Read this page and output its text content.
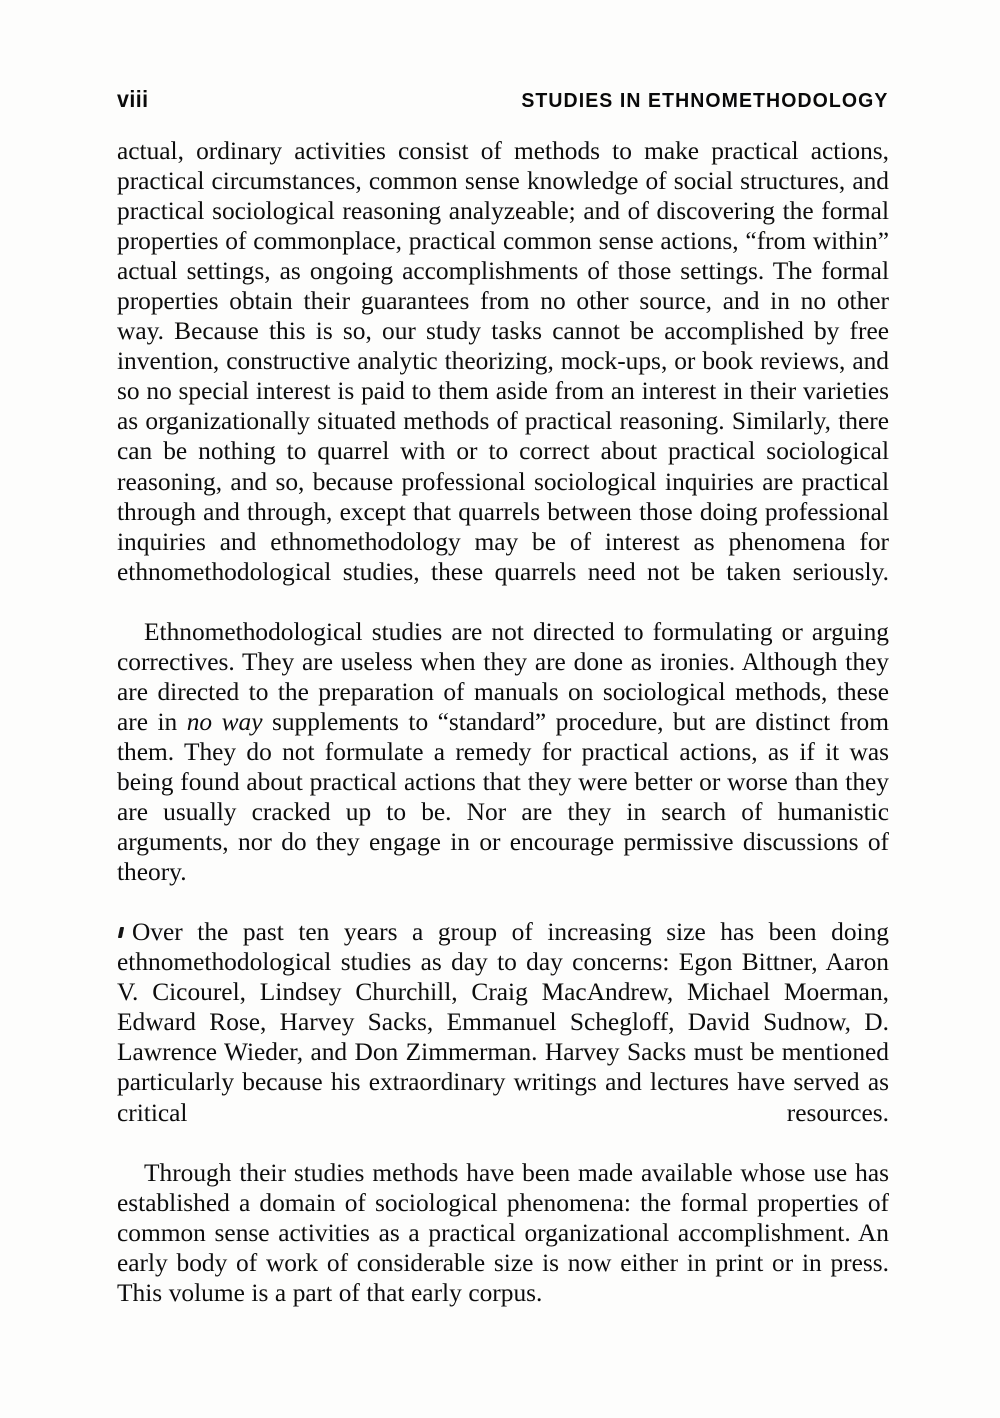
viii	STUDIES IN ETHNOMETHODOLOGY

actual, ordinary activities consist of methods to make practical actions, practical circumstances, common sense knowledge of social structures, and practical sociological reasoning analyzeable; and of discovering the formal properties of commonplace, practical common sense actions, “from within” actual settings, as ongoing accomplishments of those settings. The formal properties obtain their guarantees from no other source, and in no other way. Because this is so, our study tasks cannot be accomplished by free invention, constructive analytic theorizing, mock-ups, or book reviews, and so no special interest is paid to them aside from an interest in their varieties as organizationally situated methods of practical reasoning. Similarly, there can be nothing to quarrel with or to correct about practical sociological reasoning, and so, because professional sociological inquiries are practical through and through, except that quarrels between those doing professional inquiries and ethnomethodology may be of interest as phenomena for ethnomethodological studies, these quarrels need not be taken seriously.

Ethnomethodological studies are not directed to formulating or arguing correctives. They are useless when they are done as ironies. Although they are directed to the preparation of manuals on sociological methods, these are in no way supplements to “standard” procedure, but are distinct from them. They do not formulate a remedy for practical actions, as if it was being found about practical actions that they were better or worse than they are usually cracked up to be. Nor are they in search of humanistic arguments, nor do they engage in or encourage permissive discussions of theory.

Over the past ten years a group of increasing size has been doing ethnomethodological studies as day to day concerns: Egon Bittner, Aaron V. Cicourel, Lindsey Churchill, Craig MacAndrew, Michael Moerman, Edward Rose, Harvey Sacks, Emmanuel Schegloff, David Sudnow, D. Lawrence Wieder, and Don Zimmerman. Harvey Sacks must be mentioned particularly because his extraordinary writings and lectures have served as critical resources.

Through their studies methods have been made available whose use has established a domain of sociological phenomena: the formal properties of common sense activities as a practical organizational accomplishment. An early body of work of considerable size is now either in print or in press. This volume is a part of that early corpus.
